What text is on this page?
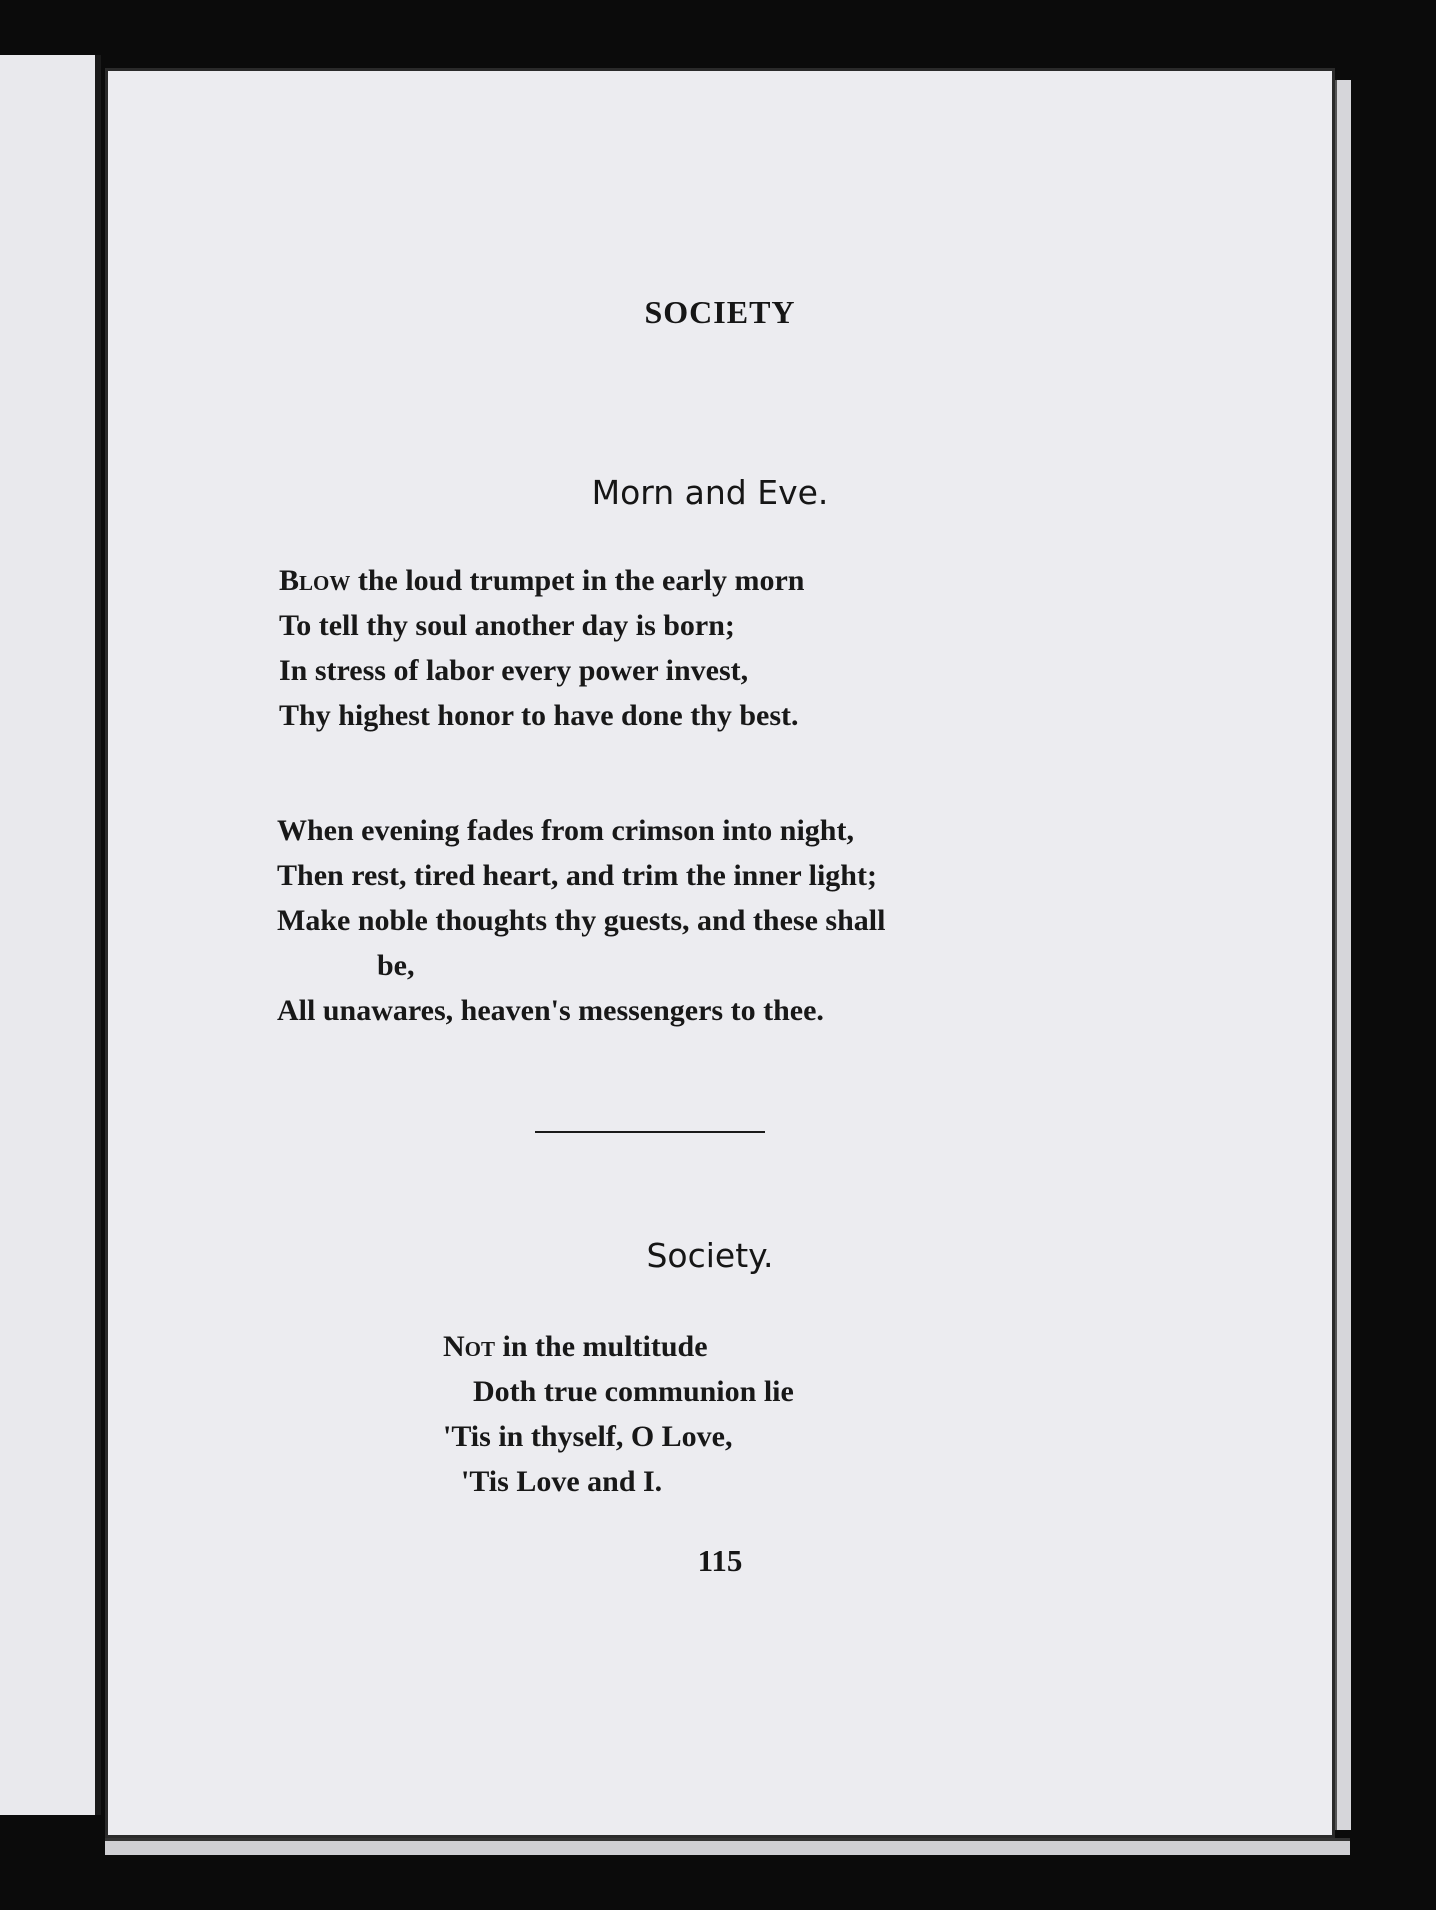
SOCIETY
Morn and Eve.
Blow the loud trumpet in the early morn
To tell thy soul another day is born;
In stress of labor every power invest,
Thy highest honor to have done thy best.
When evening fades from crimson into night,
Then rest, tired heart, and trim the inner light;
Make noble thoughts thy guests, and these shall
be,
All unawares, heaven's messengers to thee.
Society.
Not in the multitude
Doth true communion lie
'Tis in thyself, O Love,
'Tis Love and I.
115
